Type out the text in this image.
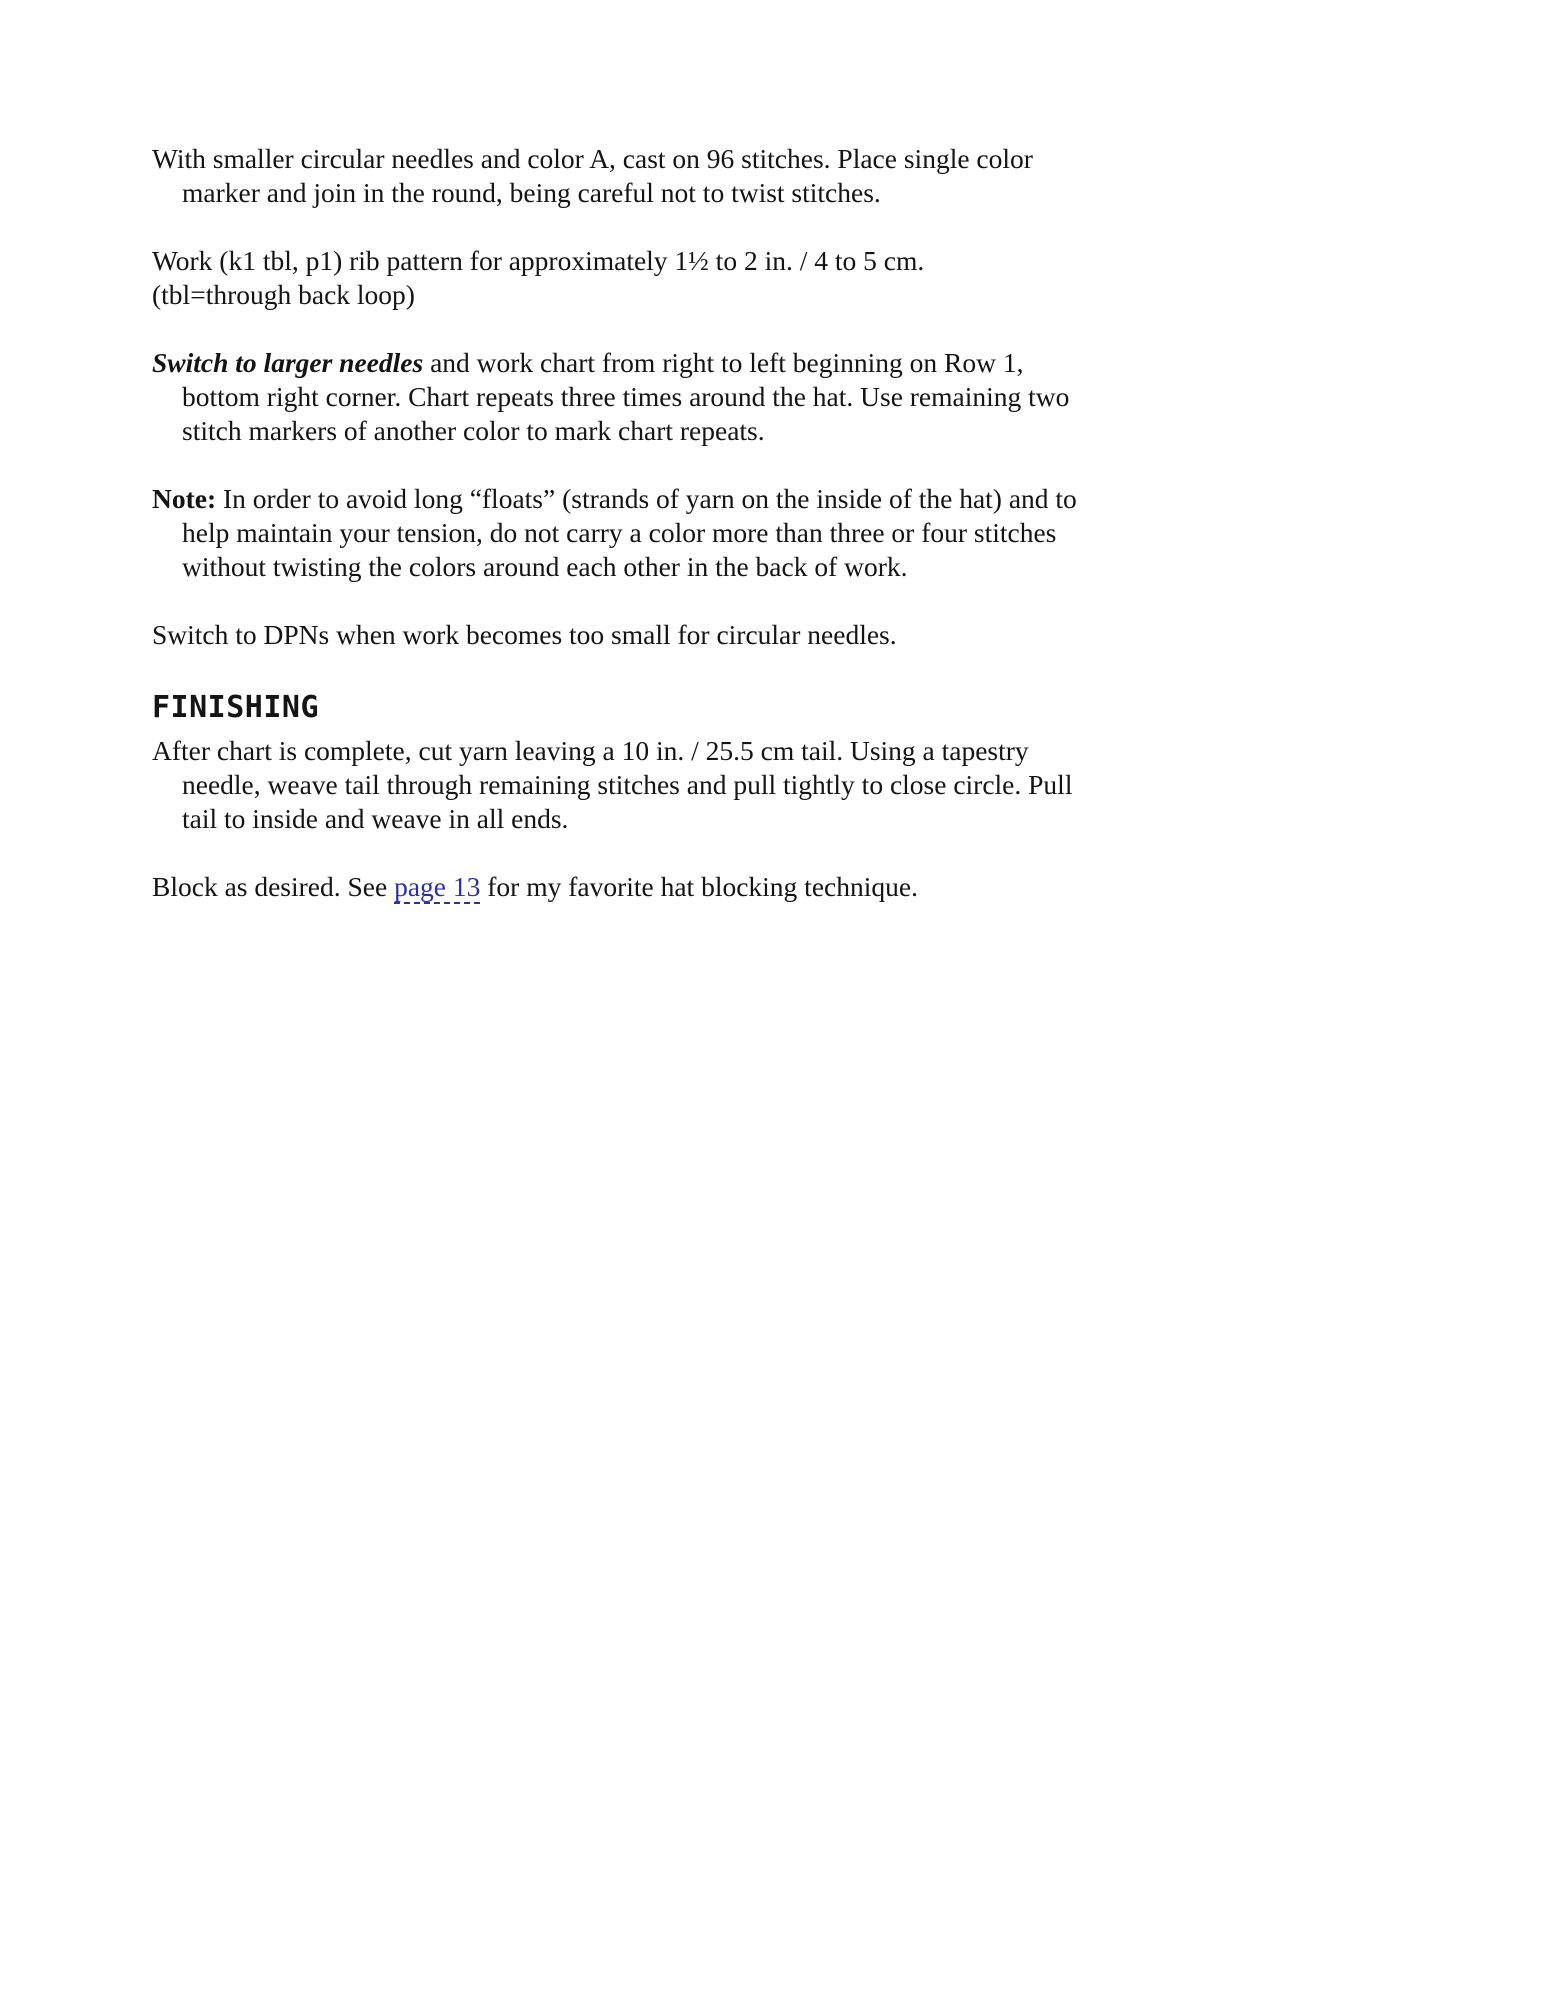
With smaller circular needles and color A, cast on 96 stitches. Place single color marker and join in the round, being careful not to twist stitches.

Work (k1 tbl, p1) rib pattern for approximately 1½ to 2 in. / 4 to 5 cm.

(tbl=through back loop)

Switch to larger needles and work chart from right to left beginning on Row 1, bottom right corner. Chart repeats three times around the hat. Use remaining two stitch markers of another color to mark chart repeats.

Note: In order to avoid long “floats” (strands of yarn on the inside of the hat) and to help maintain your tension, do not carry a color more than three or four stitches without twisting the colors around each other in the back of work.

Switch to DPNs when work becomes too small for circular needles.

FINISHING

After chart is complete, cut yarn leaving a 10 in. / 25.5 cm tail. Using a tapestry needle, weave tail through remaining stitches and pull tightly to close circle. Pull tail to inside and weave in all ends.

Block as desired. See page 13 for my favorite hat blocking technique.
